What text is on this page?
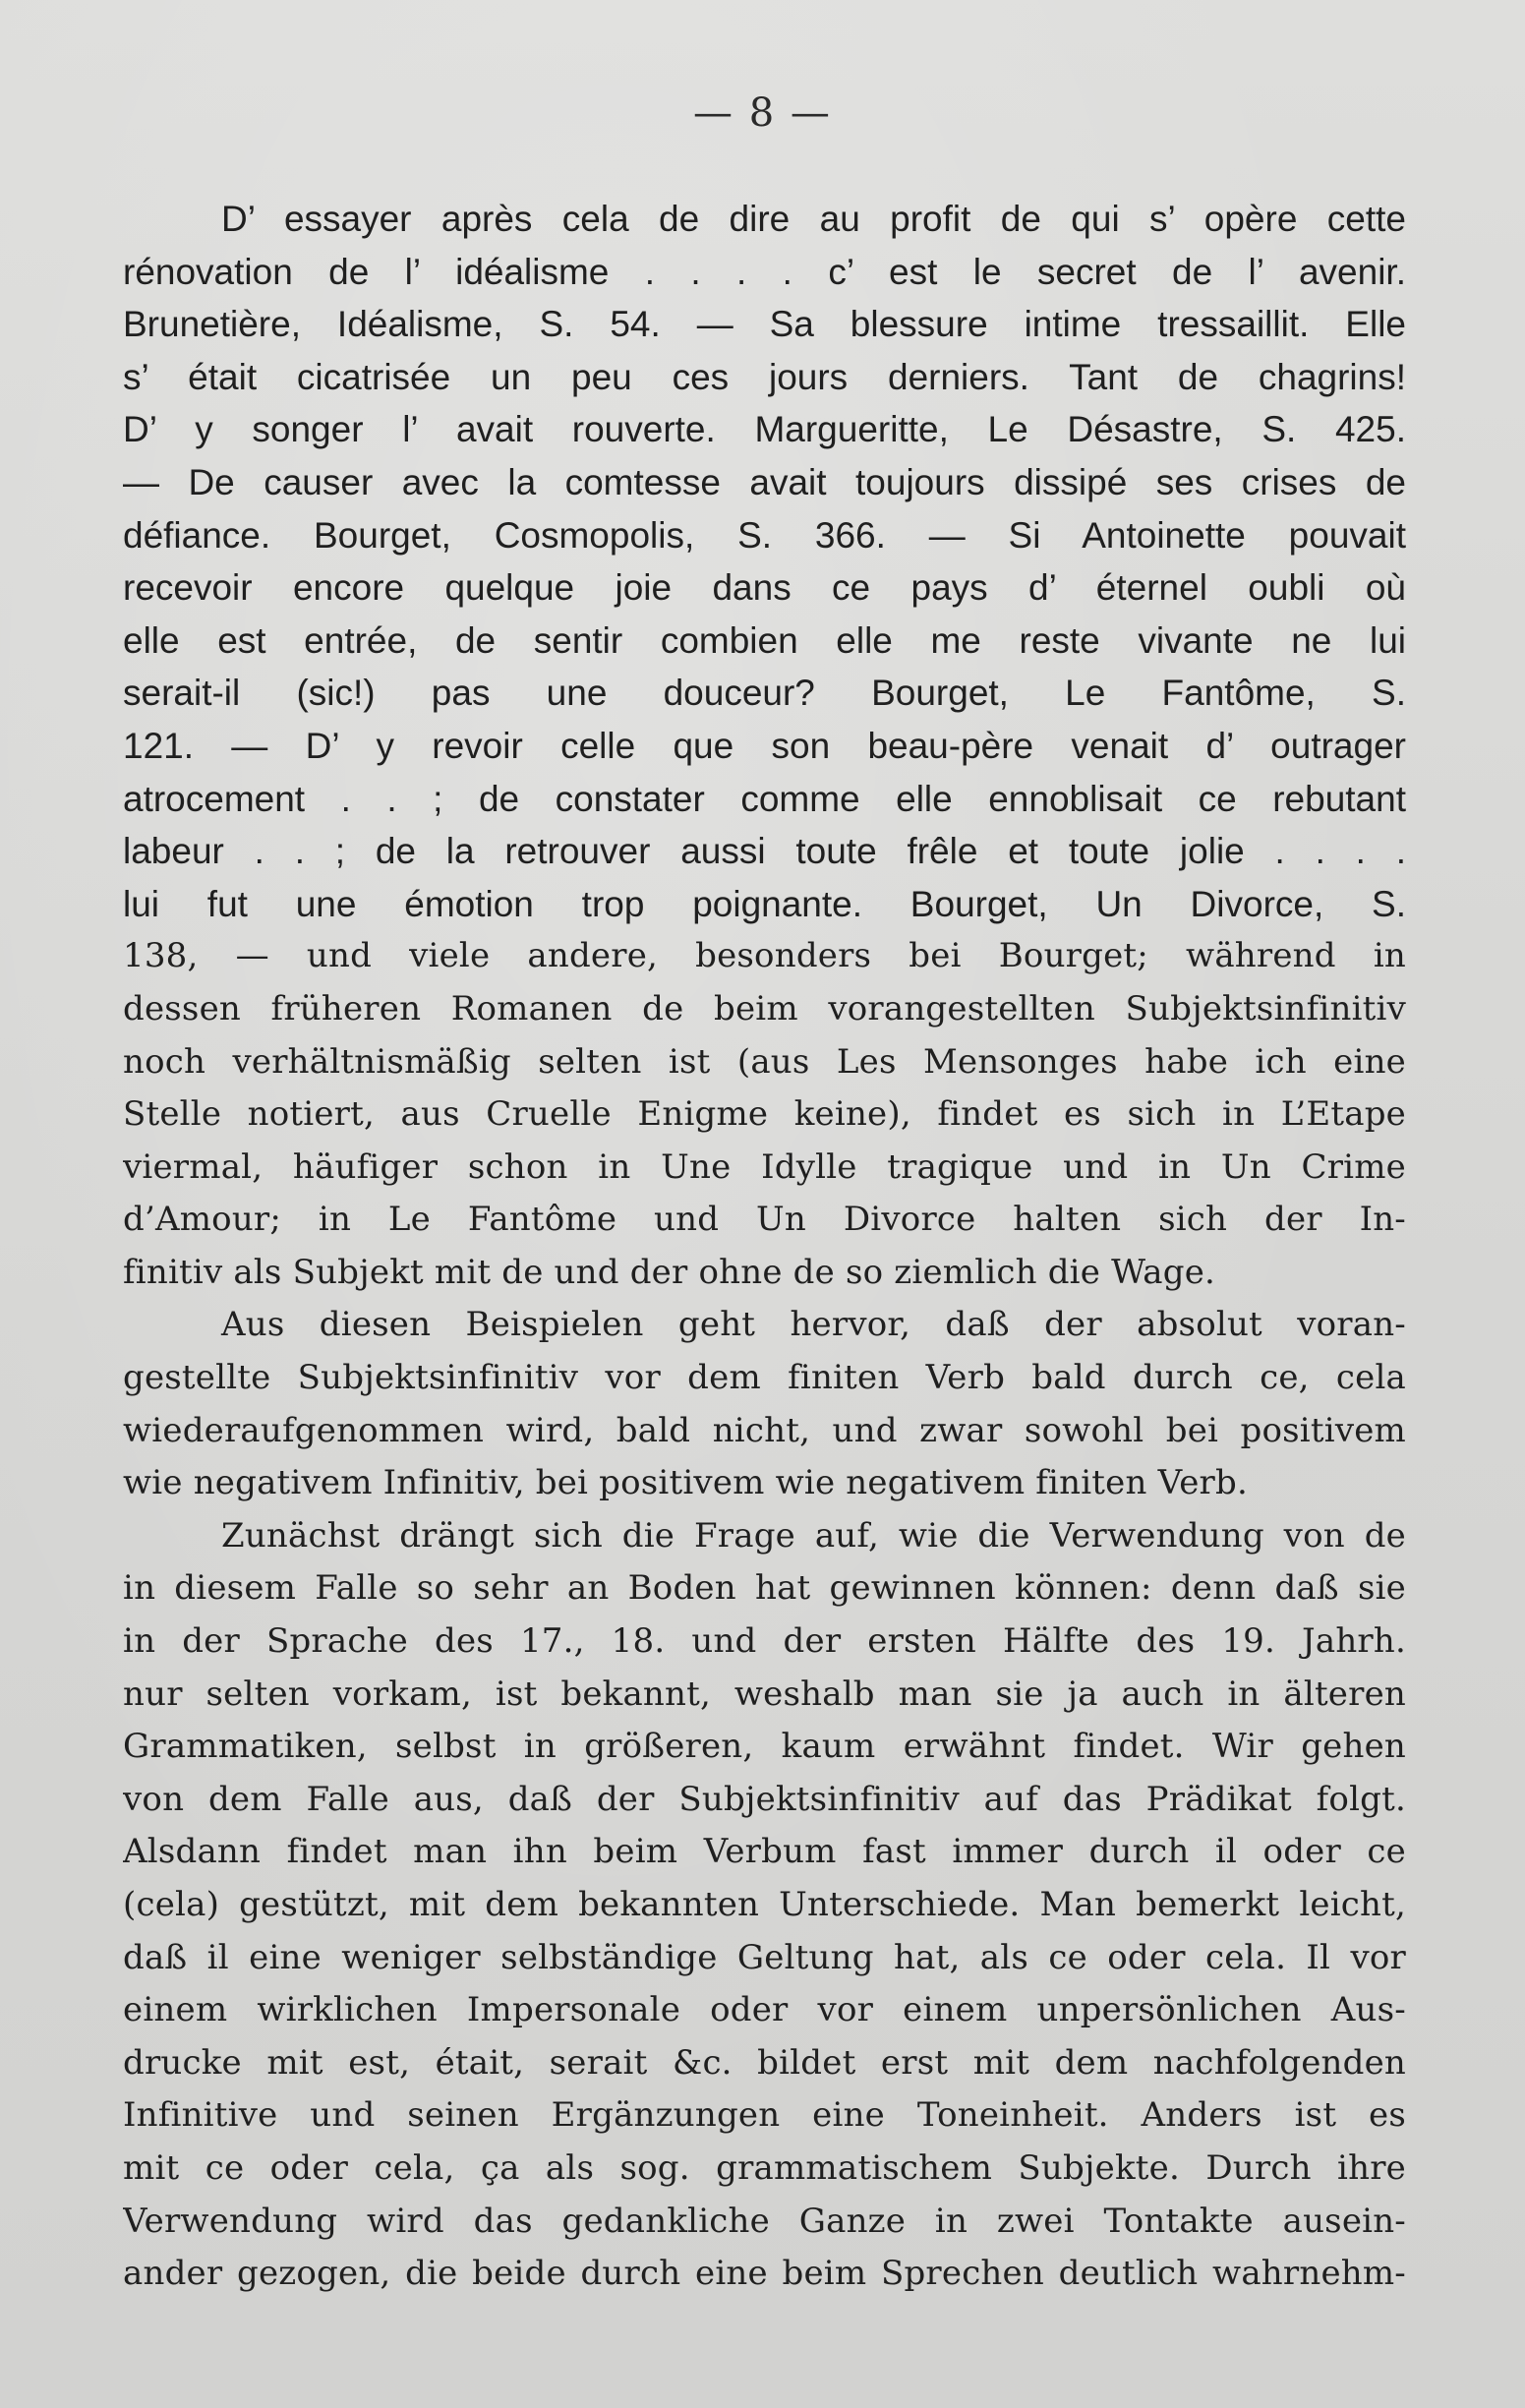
— 8 —
D’ essayer après cela de dire au profit de qui s’ opère cette
rénovation de l’ idéalisme . . . . c’ est le secret de l’ avenir.
Brunetière, Idéalisme, S. 54. — Sa blessure intime tressaillit. Elle
s’ était cicatrisée un peu ces jours derniers. Tant de chagrins!
D’ y songer l’ avait rouverte. Margueritte, Le Désastre, S. 425.
— De causer avec la comtesse avait toujours dissipé ses crises de
défiance. Bourget, Cosmopolis, S. 366. — Si Antoinette pouvait
recevoir encore quelque joie dans ce pays d’ éternel oubli où
elle est entrée, de sentir combien elle me reste vivante ne lui
serait-il (sic!) pas une douceur? Bourget, Le Fantôme, S.
121. — D’ y revoir celle que son beau-père venait d’ outrager
atrocement . . ; de constater comme elle ennoblisait ce rebutant
labeur . . ; de la retrouver aussi toute frêle et toute jolie . . . .
lui fut une émotion trop poignante. Bourget, Un Divorce, S.
138, — und viele andere, besonders bei Bourget; während in
dessen früheren Romanen de beim vorangestellten Subjektsinfinitiv
noch verhältnismäßig selten ist (aus Les Mensonges habe ich eine
Stelle notiert, aus Cruelle Enigme keine), findet es sich in L’Etape
viermal, häufiger schon in Une Idylle tragique und in Un Crime
d’Amour; in Le Fantôme und Un Divorce halten sich der In-
finitiv als Subjekt mit de und der ohne de so ziemlich die Wage.
Aus diesen Beispielen geht hervor, daß der absolut voran-
gestellte Subjektsinfinitiv vor dem finiten Verb bald durch ce, cela
wiederaufgenommen wird, bald nicht, und zwar sowohl bei positivem
wie negativem Infinitiv, bei positivem wie negativem finiten Verb.
Zunächst drängt sich die Frage auf, wie die Verwendung von de
in diesem Falle so sehr an Boden hat gewinnen können: denn daß sie
in der Sprache des 17., 18. und der ersten Hälfte des 19. Jahrh.
nur selten vorkam, ist bekannt, weshalb man sie ja auch in älteren
Grammatiken, selbst in größeren, kaum erwähnt findet. Wir gehen
von dem Falle aus, daß der Subjektsinfinitiv auf das Prädikat folgt.
Alsdann findet man ihn beim Verbum fast immer durch il oder ce
(cela) gestützt, mit dem bekannten Unterschiede. Man bemerkt leicht,
daß il eine weniger selbständige Geltung hat, als ce oder cela. Il vor
einem wirklichen Impersonale oder vor einem unpersönlichen Aus-
drucke mit est, était, serait &c. bildet erst mit dem nachfolgenden
Infinitive und seinen Ergänzungen eine Toneinheit. Anders ist es
mit ce oder cela, ça als sog. grammatischem Subjekte. Durch ihre
Verwendung wird das gedankliche Ganze in zwei Tontakte ausein-
ander gezogen, die beide durch eine beim Sprechen deutlich wahrnehm-
